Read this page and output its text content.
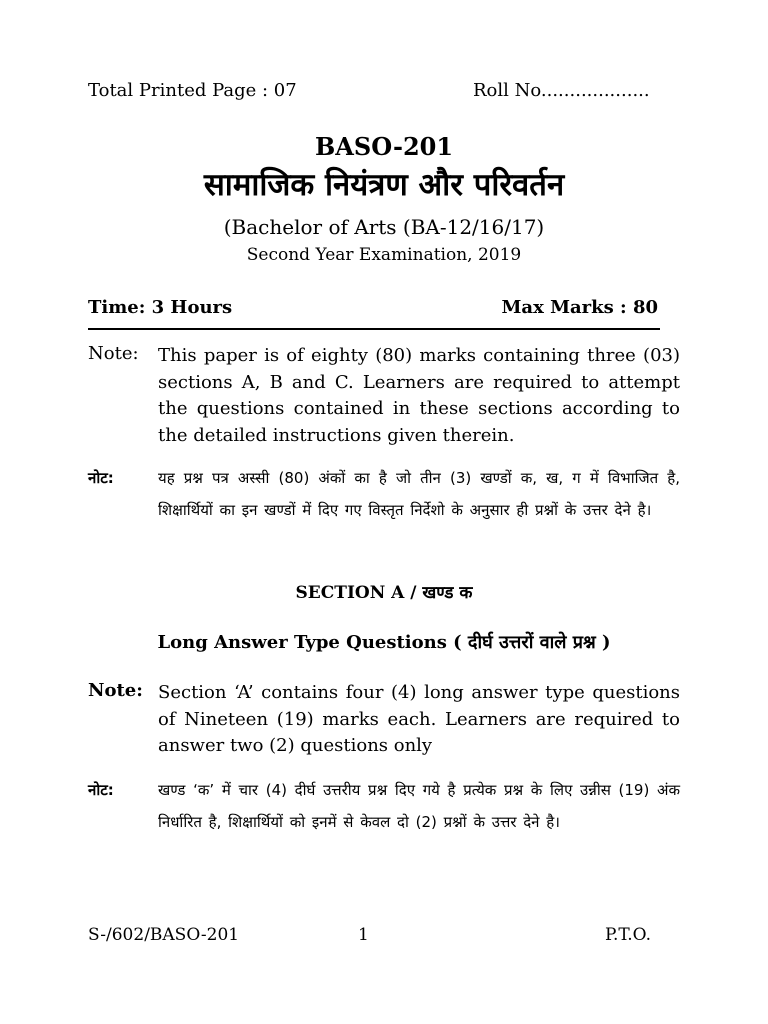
Total Printed Page : 07	Roll No...................
BASO-201
सामाजिक नियंत्रण और परिवर्तन
(Bachelor of Arts (BA-12/16/17)
Second Year Examination, 2019
Time: 3 Hours	Max Marks : 80
Note: This paper is of eighty (80) marks containing three (03) sections A, B and C. Learners are required to attempt the questions contained in these sections according to the detailed instructions given therein.
नोट:	यह प्रश्न पत्र अस्सी (80) अंकों का है जो तीन (3) खण्डों क, ख, ग में विभाजित है, शिक्षार्थियों का इन खण्डों में दिए गए विस्तृत निर्देशो के अनुसार ही प्रश्नों के उत्तर देने है।
SECTION A / खण्ड क
Long Answer Type Questions ( दीर्घ उत्तरों वाले प्रश्न )
Note: Section ‘A’ contains four (4) long answer type questions of Nineteen (19) marks each. Learners are required to answer two (2) questions only
नोट:	खण्ड ‘क’ में चार (4) दीर्घ उत्तरीय प्रश्न दिए गये है प्रत्येक प्रश्न के लिए उन्नीस (19) अंक निर्धारित है, शिक्षार्थियों को इनमें से केवल दो (2) प्रश्नों के उत्तर देने है।
S-/602/BASO-201	1	P.T.O.
